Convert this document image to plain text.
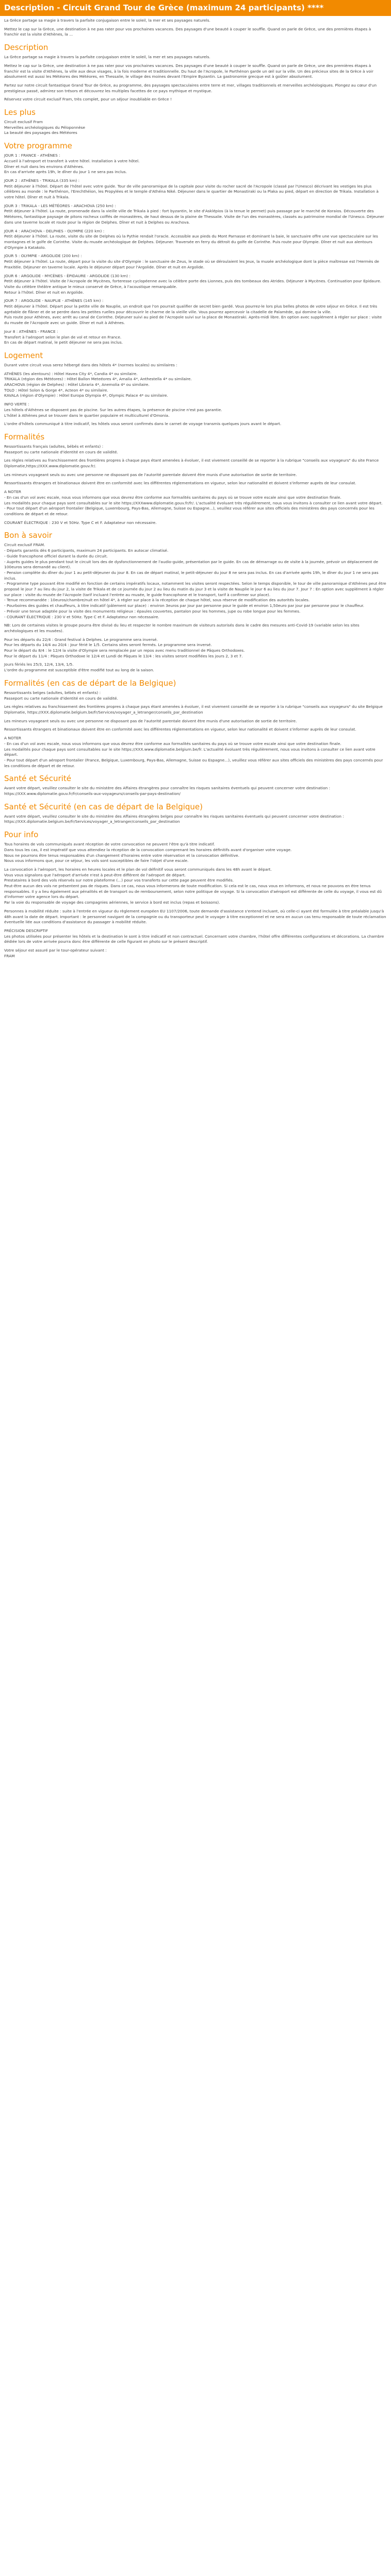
Description - Circuit Grand Tour de Grèce (maximum 24 participants) ****

La Grèce partage sa magie à travers la parfaite conjugaison entre le soleil, la mer et ses paysages naturels.

Mettez le cap sur la Grèce, une destination à ne pas rater pour vos prochaines vacances. Des paysages d'une beauté à couper le souffle. Quand on parle de Grèce, une des premières étapes à franchir est la visite d'Athènes, la ...

Description

La Grèce partage sa magie à travers la parfaite conjugaison entre le soleil, la mer et ses paysages naturels.

Mettez le cap sur la Grèce, une destination à ne pas rater pour vos prochaines vacances. Des paysages d'une beauté à couper le souffle. Quand on parle de Grèce, une des premières étapes à franchir est la visite d'Athènes, la ville aux deux visages, à la fois moderne et traditionnelle. Du haut de l'Acropole, le Parthénon garde un œil sur la ville. Un des précieux sites de la Grèce à voir absolument est aussi les Météores des Météores, en Thessalie, le village des moines devant l'Empire Byzantin. La gastronomie grecque est à goûter absolument.

Partez sur notre circuit fantastique Grand Tour de Grèce, au programme, des paysages spectaculaires entre terre et mer, villages traditionnels et merveilles archéologiques. Plongez au cœur d'un prestigieux passé, admirez son trésors et découvrez les multiples facettes de ce pays mythique et mystique.

Réservez votre circuit exclusif Fram, très complet, pour un séjour inoubliable en Grèce !

Les plus

Circuit exclusif Fram
Merveilles archéologiques du Péloponnèse
La beauté des paysages des Météores

Votre programme

JOUR 1 : FRANCE - ATHÈNES :
Accueil à l'aéroport et transfert à votre hôtel. Installation à votre hôtel.
Dîner et nuit dans les environs d'Athènes.
En cas d'arrivée après 19h, le dîner du jour 1 ne sera pas inclus.

JOUR 2 : ATHÈNES - TRIKALA (335 km) :
Petit déjeuner à l'hôtel. Départ de l'hôtel avec votre guide. Tour de ville panoramique de la capitale pour visite du rocher sacré de l'Acropole (classé par l'Unesco) décrivant les vestiges les plus célèbres au monde : le Parthénon, l'Erechthéion, les Propylées et le temple d'Athéna Niké. Déjeuner dans le quartier de Monastiraki ou la Plaka au pied, départ en direction de Trikala. Installation à votre hôtel. Dîner et nuit à Trikala.

JOUR 3 : TRIKALA - LES MÉTÉORES - ARACHOVA (250 km) :
Petit déjeuner à l'hôtel. La route, promenade dans la vieille ville de Trikala à pied : fort byzantin, le site d'Asklépios (à la tenue le permet) puis passage par le marché de Koraios. Découverte des Météores, fantastique paysage de pitons rocheux coiffés de monastères, de haut dessus de la plaine de Thessalie. Visite de l'un des monastères, classés au patrimoine mondial de l'Unesco. Déjeuner dans une taverne locale et route pour la région de Delphes. Dîner et nuit à Delphes ou Arachova.

JOUR 4 : ARACHOVA - DELPHES - OLYMPIE (220 km) :
Petit déjeuner à l'hôtel. La route, visite du site de Delphes où la Pythie rendait l'oracle. Accessible aux pieds du Mont Parnasse et dominant la baie, le sanctuaire offre une vue spectaculaire sur les montagnes et le golfe de Corinthe. Visite du musée archéologique de Delphes. Déjeuner. Traversée en ferry du détroit du golfe de Corinthe. Puis route pour Olympie. Dîner et nuit aux alentours d'Olympie à Katakolo.

JOUR 5 : OLYMPIE - ARGOLIDE (200 km) :
Petit déjeuner à l'hôtel. La route, départ pour la visite du site d'Olympie : le sanctuaire de Zeus, le stade où se déroulaient les Jeux, la musée archéologique dont la pièce maîtresse est l'Hermès de Praxitèle. Déjeuner en taverne locale. Après le déjeuner départ pour l'Argolide. Dîner et nuit en Argolide.

JOUR 6 : ARGOLIDE - MYCÈNES - ÉPIDAURE - ARGOLIDE (130 km) :
Petit déjeuner à l'hôtel. Visite de l'Acropole de Mycènes, forteresse cyclopéenne avec la célèbre porte des Lionnes, puis des tombeaux des Atrides. Déjeuner à Mycènes. Continuation pour Epidaure. Visite du célèbre théâtre antique le mieux conservé de Grèce, à l'acoustique remarquable.
Retour à l'hôtel. Dîner et nuit en Argolide.

JOUR 7 : ARGOLIDE - NAUPLIE - ATHÈNES (145 km) :
Petit déjeuner à l'hôtel. Départ pour la petite ville de Nauplie, un endroit que l'on pourrait qualifier de secret bien gardé. Vous pourrez-le lors plus belles photos de votre séjour en Grèce. Il est très agréable de flâner et de se perdre dans les petites ruelles pour découvrir le charme de la vieille ville. Vous pourrez apercevoir la citadelle de Palamède, qui domine la ville.
Puis route pour Athènes, avec arrêt au canal de Corinthe. Déjeuner suivi au pied de l'Acropole suivi sur la place de Monastiraki. Après-midi libre. En option avec supplément à régler sur place : visite du musée de l'Acropole avec un guide. Dîner et nuit à Athènes.

Jour 8 : ATHÈNES - FRANCE :
Transfert à l'aéroport selon le plan de vol et retour en France.
En cas de départ matinal, le petit déjeuner ne sera pas inclus.

Logement

Durant votre circuit vous serez hébergé dans des hôtels 4* (normes locales) ou similaires :

ATHÈNES (les alentours) : Hôtel Havea City 4*, Candia 4* ou similaire.
TRIKALA (région des Météores) : Hôtel Ballon Meteéores 4*, Amalia 4*, Anthestella 4* ou similaire.
ARACHOVA (région de Delphes) : Hôtel Libraria 4*, Anemolia 4* ou similaire.
TOLO : Hôtel Solon & Gorge 4*, Acteon 4* ou similaire.
KAVALA (région d'Olympie) : Hôtel Europa Olympia 4*, Olympic Palace 4* ou similaire.

INFO VERTE :
Les hôtels d'Athènes se disposent pas de piscine. Sur les autres étapes, la présence de piscine n'est pas garantie.
L'hôtel à Athènes peut se trouver dans le quartier populaire et multiculturel d'Omonia.

L'ordre d'hôtels communiqué à titre indicatif, les hôtels vous seront confirmés dans le carnet de voyage transmis quelques jours avant le départ.

Formalités

Ressortissants français (adultes, bébés et enfants) :
Passeport ou carte nationale d'identité en cours de validité.

Les règles relatives au franchissement des frontières propres à chaque pays étant amenées à évoluer, il est vivement conseillé de se reporter à la rubrique "conseils aux voyageurs" du site France Diplomatie,https://XXX.www.diplomatie.gouv.fr/.

Les mineurs voyageant seuls ou avec une personne ne disposant pas de l'autorité parentale doivent être munis d'une autorisation de sortie de territoire.

Ressortissants étrangers et binationaux doivent être en conformité avec les différentes réglementations en vigueur, selon leur nationalité et doivent s'informer auprès de leur consulat.

A NOTER
- En cas d'un vol avec escale, nous vous informons que vous devrez être conforme aux formalités sanitaires du pays où se trouve votre escale ainsi que votre destination finale.
Les modalités pour chaque pays sont consultables sur le site https://XXXwww.diplomatie.gouv.fr/fr/. L'actualité évoluant très régulièrement, nous vous invitons à consulter ce lien avant votre départ.
- Pour tout départ d'un aéroport frontalier (Belgique, Luxembourg, Pays-Bas, Allemagne, Suisse ou Espagne...), veuillez vous référer aux sites officiels des ministères des pays concernés pour les conditions de départ et de retour.

COURANT ÉLECTRIQUE : 230 V et 50Hz. Type C et F. Adaptateur non nécessaire.

Bon à savoir

Circuit exclusif FRAM.
- Départs garantis dès 6 participants, maximum 24 participants. En autocar climatisé.
- Guide francophone officiel durant la durée du circuit.
- Auprès guides le plus pendant tout le circuit lors des de dysfonctionnement de l'audio-guide, présentation par le guide. En cas de démarrage ou de visite à la journée, prévoir un déplacement de 100euros sera demandé au client).
- Pension complète du dîner du jour 1 au petit-déjeuner du jour 8. En cas de départ matinal, le petit-déjeuner du jour 8 ne sera pas inclus. En cas d'arrivée après 19h, le dîner du jour 1 ne sera pas inclus.
- Programme type pouvant être modifié en fonction de certains impératifs locaux, notamment les visites seront respectées. Selon le temps disponible, le tour de ville panoramique d'Athènes peut être proposé le jour 7 au lieu du jour 2, la visite de Trikala et de ce journée du jour 2 au lieu du matin du jour 3 et la visite de Nauplie le jour 6 au lieu du jour 7. Jour 7 : En option avec supplément à régler sur place : visite du musée de l'Acropole (tarif incluant l'entrée au musée, le guide francophone et le transport, tarif à confirmer sur place).
- Tenue recommandée : 10euros/chambre/nuit en hôtel 4*, à régler sur place à la réception de chaque hôtel, sous réserve de modification des autorités locales.
- Pourboires des guides et chauffeurs, à titre indicatif (pâlement sur place) : environ 3euros par jour par personne pour le guide et environ 1,50euro par jour par personne pour le chauffeur.
- Prévoir une tenue adaptée pour la visite des monuments religieux : épaules couvertes, pantalon pour les hommes, jupe ou robe longue pour les femmes.
- COURANT ÉLECTRIQUE : 230 V et 50Hz. Type C et F. Adaptateur non nécessaire.

NB: Lors de certaines visites le groupe pourra être divisé du lieu et respecter le nombre maximum de visiteurs autorisés dans le cadre des mesures anti-Covid-19 (variable selon les sites archéologiques et les musées).

Pour les départs du 22/4 : Grand festival à Delphes. Le programme sera inversé.
Pour les départs du 14/4 au 20/4 : Jour férié le 1/5. Certains sites seront fermés. Le programme sera inversé.
Pour le départ du 8/4 : le 12/4 la visite d'Olympie sera remplacée par un repos avec menu traditionnel de Pâques Orthodoxes.
Pour le départ du 11/4 : Pâques Orthodoxe le 12/4 et Lundi de Pâques le 13/4 : les visites seront modifiées les jours 2, 3 et 7.

Jours fériés les 25/3, 12/4, 13/4, 1/5.
L'ordre du programme est susceptible d'être modifié tout au long de la saison.

Formalités (en cas de départ de la Belgique)

Ressortissants belges (adultes, bébés et enfants) :
Passeport ou carte nationale d'identité en cours de validité.

Les règles relatives au franchissement des frontières propres à chaque pays étant amenées à évoluer, il est vivement conseillé de se reporter à la rubrique "conseils aux voyageurs" du site Belgique Diplomatie, https://XXX.diplomatie.belgium.be/fr/Services/voyager_a_letranger/conseils_par_destination

Les mineurs voyageant seuls ou avec une personne ne disposant pas de l'autorité parentale doivent être munis d'une autorisation de sortie de territoire.

Ressortissants étrangers et binationaux doivent être en conformité avec les différentes réglementations en vigueur, selon leur nationalité et doivent s'informer auprès de leur consulat.

A NOTER
- En cas d'un vol avec escale, nous vous informons que vous devrez être conforme aux formalités sanitaires du pays où se trouve votre escale ainsi que votre destination finale.
Les modalités pour chaque pays sont consultables sur le site https://XXX.www.diplomatie.belgium.be/fr. L'actualité évoluant très régulièrement, nous vous invitons à consulter ce lien avant votre départ.
- Pour tout départ d'un aéroport frontalier (France, Belgique, Luxembourg, Pays-Bas, Allemagne, Suisse ou Espagne...), veuillez vous référer aux sites officiels des ministères des pays concernés pour les conditions de départ et de retour.

Santé et Sécurité

Avant votre départ, veuillez consulter le site du ministère des Affaires étrangères pour connaître les risques sanitaires éventuels qui peuvent concerner votre destination : https://XXX.www.diplomatie.gouv.fr/fr/conseils-aux-voyageurs/conseils-par-pays-destination/

Santé et Sécurité (en cas de départ de la Belgique)

Avant votre départ, veuillez consulter le site du ministère des Affaires étrangères belges pour connaître les risques sanitaires éventuels qui peuvent concerner votre destination : https://XXX.diplomatie.belgium.be/fr/Services/voyager_a_letranger/conseils_par_destination

Pour info

Tous horaires de vols communiqués avant réception de votre convocation ne peuvent l'être qu'à titre indicatif.
Dans tous les cas, il est impératif que vous attendiez la réception de la convocation comprenant les horaires définitifs avant d'organiser votre voyage.
Nous ne pourrons être tenus responsables d'un changement d'horaires entre votre réservation et la convocation définitive.
Nous vous informons que, pour ce séjour, les vols sont susceptibles de faire l'objet d'une escale.

La convocation à l'aéroport, les horaires en heures locales et le plan de vol définitif vous seront communiqués dans les 48h avant le départ.
Vous vous signalons que l'aéroport d'arrivée n'est à peut-être différent de l'aéroport de départ.
Prestataires à bord des vols réservés sur notre plateforme (...) pour vos transferts sur cette page peuvent être modifiés.
Peut-être aucun des vols ne présentent pas de risques. Dans ce cas, nous vous informerons de toute modification. Si cela est le cas, nous vous en informons, et nous ne pouvons en être tenus responsables. Il y a lieu également aux pénalités et de transport ou de remboursement, selon notre politique de voyage. Si la convocation d'aéroport est différente de celle du voyage, il vous est dû d'informer votre agence lors du départ.
Par la voie du responsable de voyage des compagnies aériennes, le service à bord est inclus (repas et boissons).

Personnes à mobilité réduite : suite à l'entrée en vigueur du règlement européen EU 1107/2006, toute demande d'assistance s'entend incluant, où celle-ci ayant été formulée à titre préalable jusqu'à 48h avant la date de départ. Important : le personnel navigant de la compagnie ou du transporteur peut le voyager à titre exceptionnel et ne sera en aucun cas tenu responsable de toute réclamation éventuelle liée aux conditions d'assistance du passager à mobilité réduite.

PRÉCISION DESCRIPTIF
Les photos utilisées pour présenter les hôtels et la destination le sont à titre indicatif et non contractuel. Concernant votre chambre, l'hôtel offre différentes configurations et décorations. La chambre dédiée lors de votre arrivée pourra donc être différente de celle figurant en photo sur le présent descriptif.

Votre séjour est assuré par le tour-opérateur suivant :
FRAM
